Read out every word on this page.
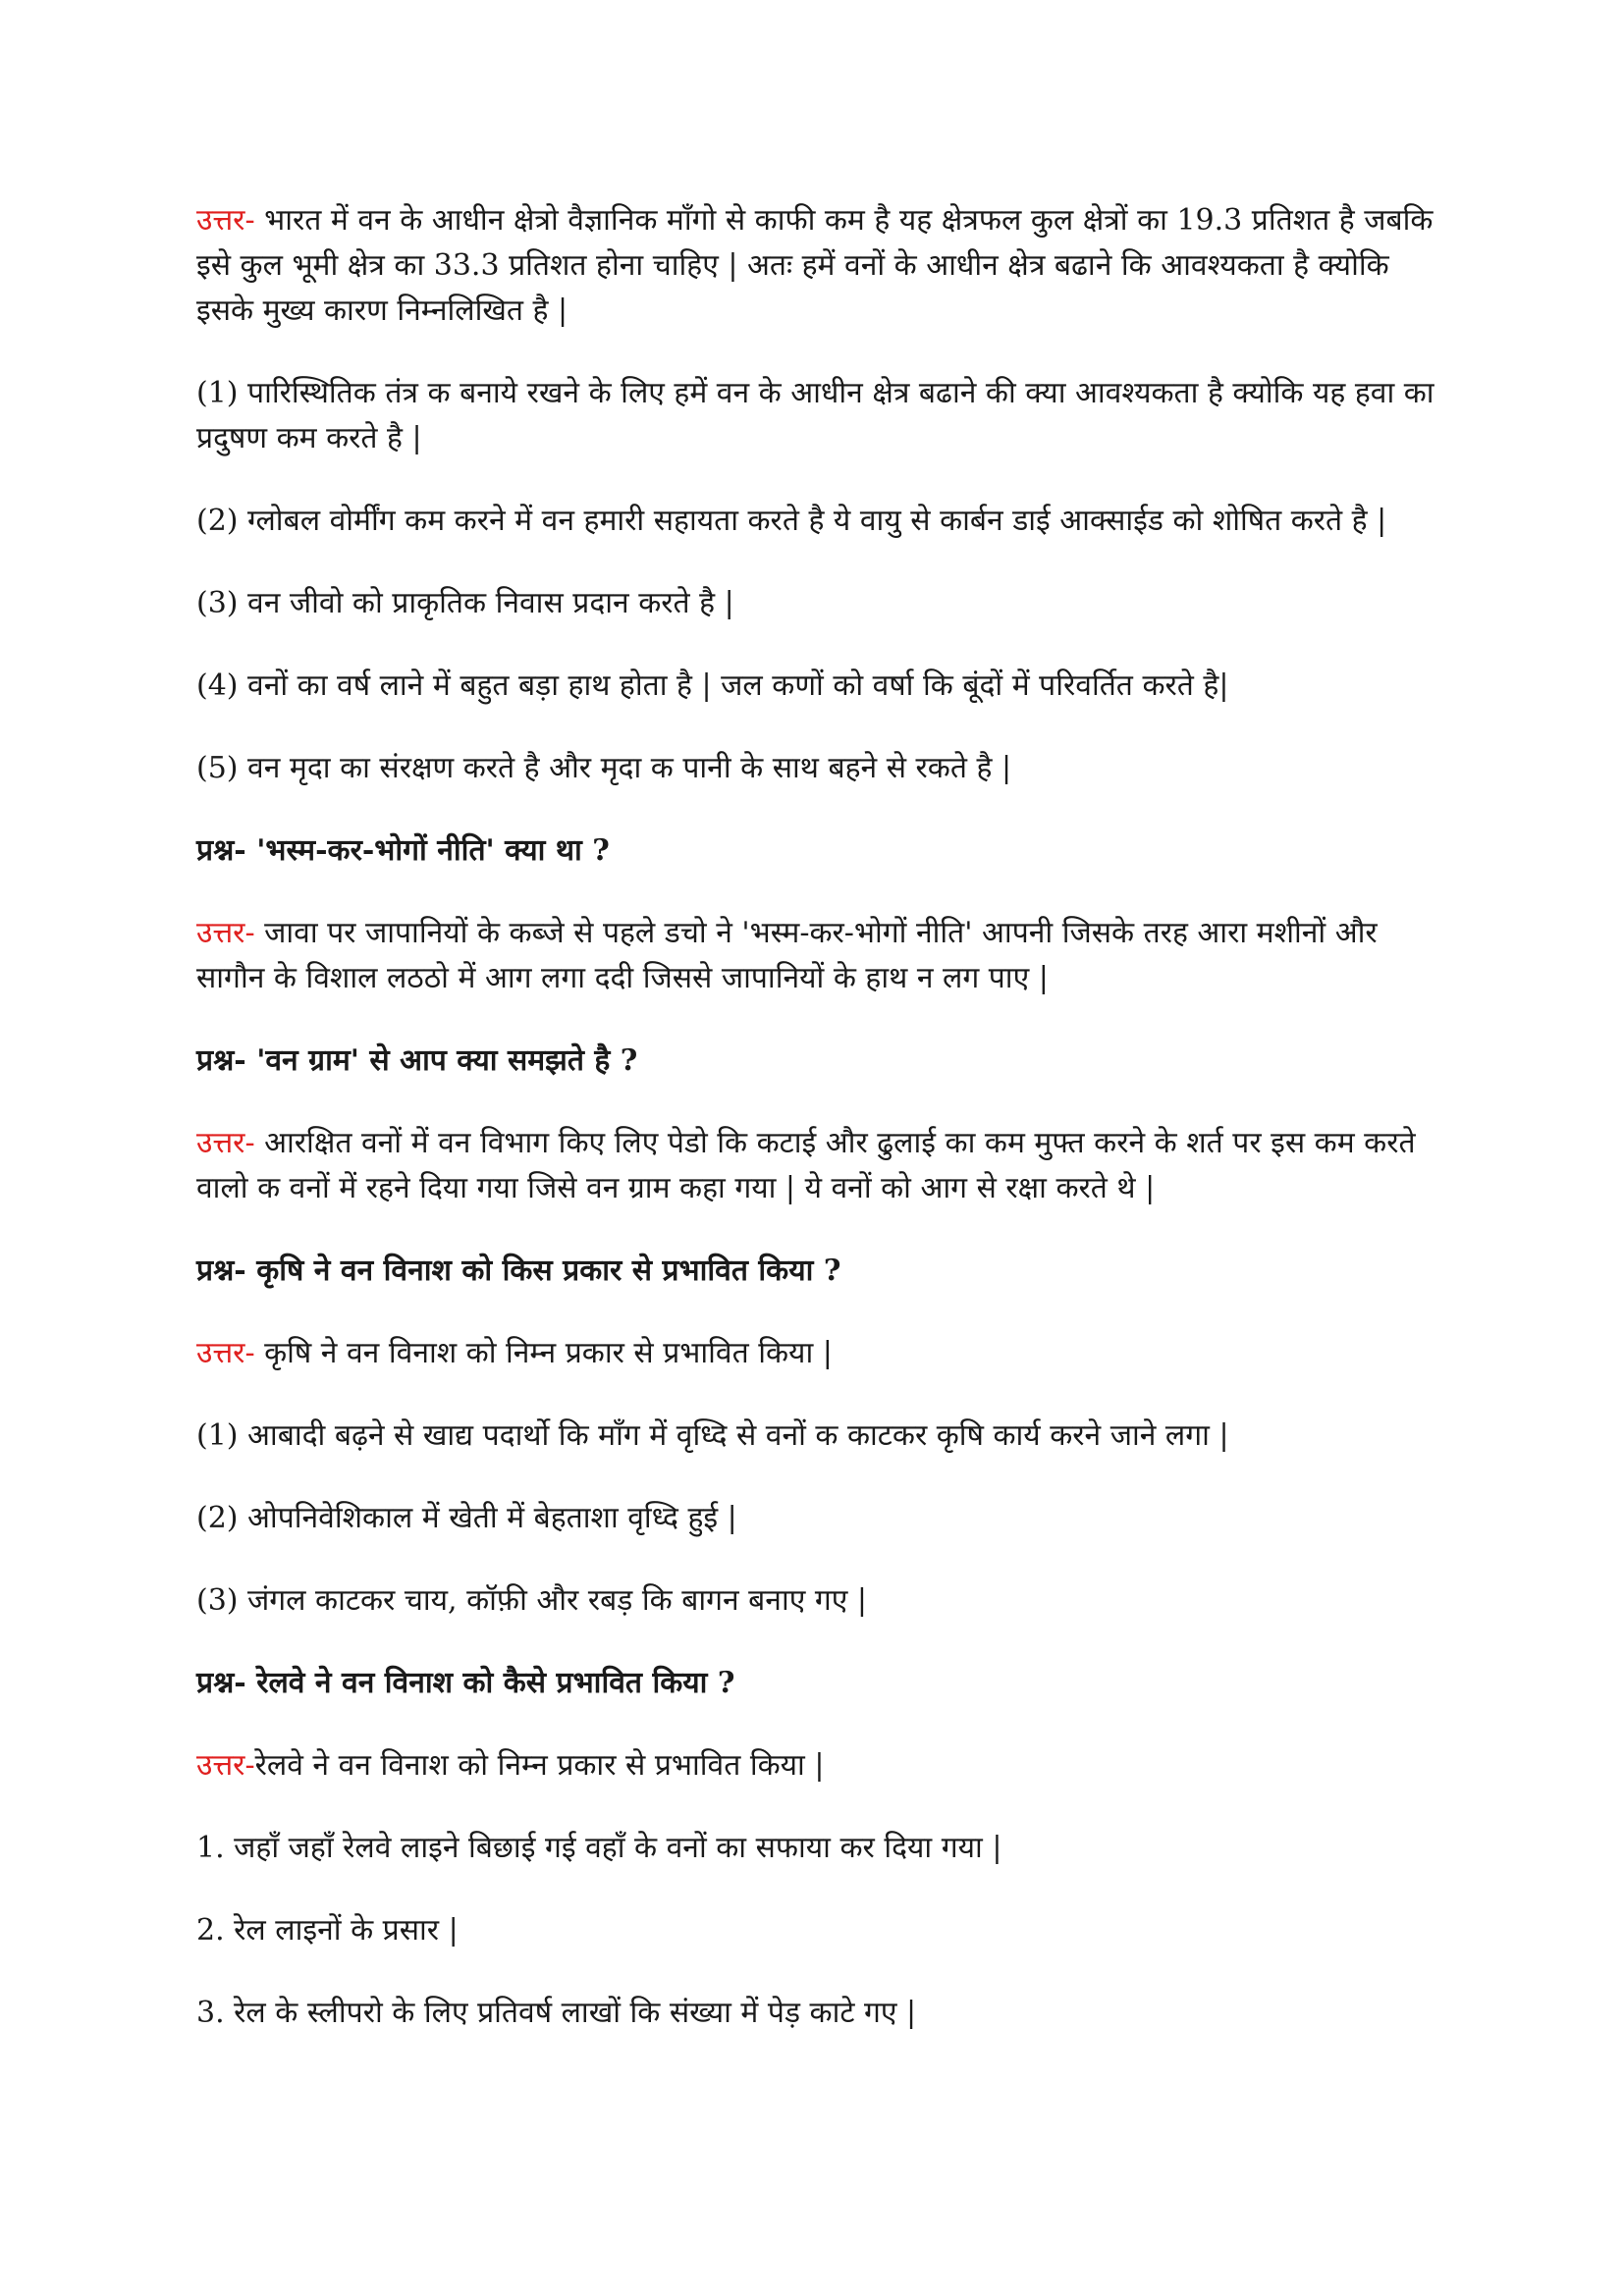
उत्तर- भारत में वन के आधीन क्षेत्रो वैज्ञानिक माँगो से काफी कम है यह क्षेत्रफल कुल क्षेत्रों का 19.3 प्रतिशत है जबकि इसे कुल भूमी क्षेत्र का 33.3 प्रतिशत होना चाहिए | अतः हमें वनों के आधीन क्षेत्र बढाने कि आवश्यकता है क्योकि इसके मुख्य कारण निम्नलिखित है |

(1) पारिस्थितिक तंत्र क बनाये रखने के लिए हमें वन के आधीन क्षेत्र बढाने की क्या आवश्यकता है क्योकि यह हवा का प्रदुषण कम करते है |

(2) ग्लोबल वोर्मींग कम करने में वन हमारी सहायता करते है ये वायु से कार्बन डाई आक्साईड को शोषित करते है |

(3) वन जीवो को प्राकृतिक निवास प्रदान करते है |

(4) वनों का वर्ष लाने में बहुत बड़ा हाथ होता है | जल कणों को वर्षा कि बूंदों में परिवर्तित करते है|

(5) वन मृदा का संरक्षण करते है और मृदा क पानी के साथ बहने से रकते है |

प्रश्न- 'भस्म-कर-भोगों नीति' क्या था ?

उत्तर- जावा पर जापानियों के कब्जे से पहले डचो ने 'भस्म-कर-भोगों नीति' आपनी जिसके तरह आरा मशीनों और सागौन के विशाल लठठो में आग लगा ददी जिससे जापानियों के हाथ न लग पाए |

प्रश्न- 'वन ग्राम' से आप क्या समझते है ?

उत्तर- आरक्षित वनों में वन विभाग किए लिए पेडो कि कटाई और ढुलाई का कम मुफ्त करने के शर्त पर इस कम करते वालो क वनों में रहने दिया गया जिसे वन ग्राम कहा गया | ये वनों को आग से रक्षा करते थे |

प्रश्न- कृषि ने वन विनाश को किस प्रकार से प्रभावित किया ?

उत्तर- कृषि ने वन विनाश को निम्न प्रकार से प्रभावित किया |

(1) आबादी बढ़ने से खाद्य पदार्थो कि माँग में वृध्दि से वनों क काटकर कृषि कार्य करने जाने लगा |

(2) ओपनिवेशिकाल में खेती में बेहताशा वृध्दि हुई |

(3) जंगल काटकर चाय, कॉफ़ी और रबड़ कि बागन बनाए गए |

प्रश्न- रेलवे ने वन विनाश को कैसे प्रभावित किया ?

उत्तर-रेलवे ने वन विनाश को निम्न प्रकार से प्रभावित किया |

1. जहाँ जहाँ रेलवे लाइने बिछाई गई वहाँ के वनों का सफाया कर दिया गया |

2. रेल लाइनों के प्रसार |

3. रेल के स्लीपरो के लिए प्रतिवर्ष लाखों कि संख्या में पेड़ काटे गए |
